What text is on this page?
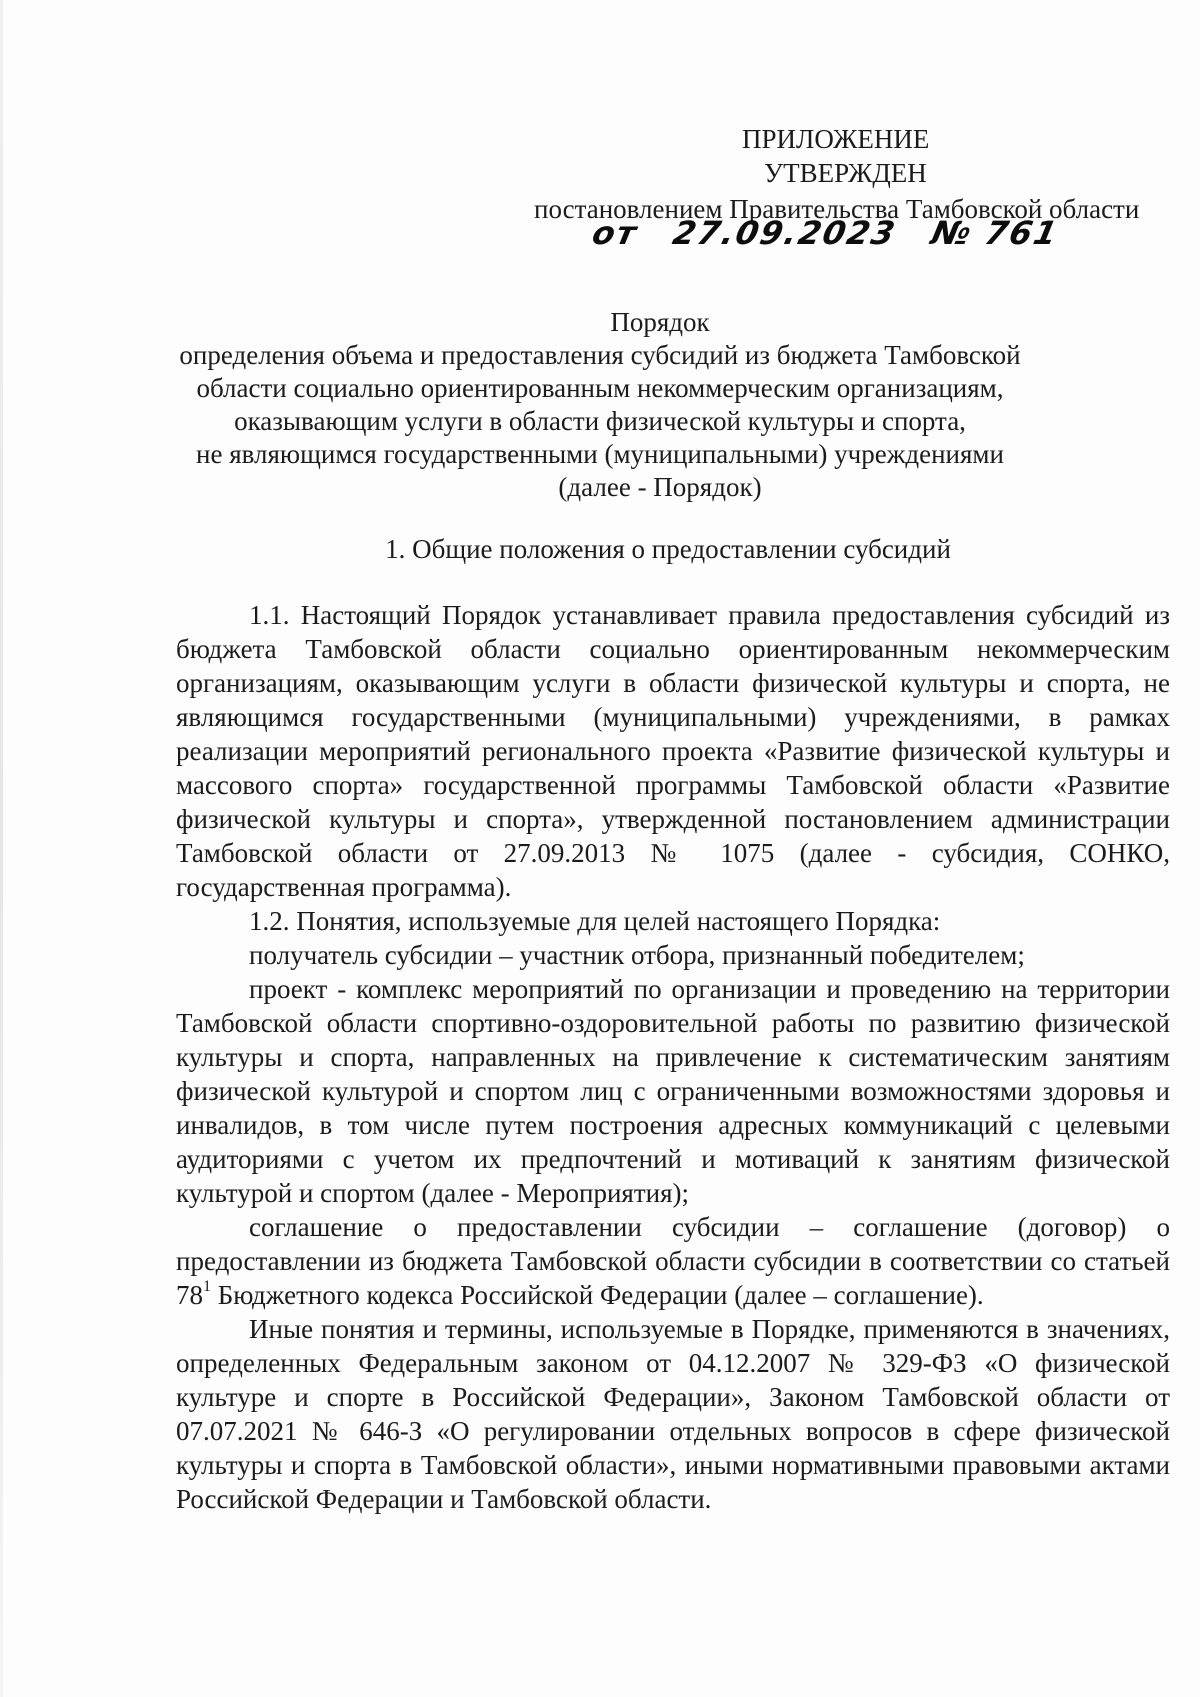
ПРИЛОЖЕНИЕ
УТВЕРЖДЕН
постановлением Правительства Тамбовской области
от 27.09.2023 № 761
Порядок
определения объема и предоставления субсидий из бюджета Тамбовской
области социально ориентированным некоммерческим организациям,
оказывающим услуги в области физической культуры и спорта,
не являющимся государственными (муниципальными) учреждениями
(далее - Порядок)
1. Общие положения о предоставлении субсидий

1.1. Настоящий Порядок устанавливает правила предоставления субсидий из бюджета Тамбовской области социально ориентированным некоммерческим организациям, оказывающим услуги в области физической культуры и спорта, не являющимся государственными (муниципальными) учреждениями, в рамках реализации мероприятий регионального проекта «Развитие физической культуры и массового спорта» государственной программы Тамбовской области «Развитие физической культуры и спорта», утвержденной постановлением администрации Тамбовской области от 27.09.2013 № 1075 (далее - субсидия, СОНКО, государственная программа).

1.2. Понятия, используемые для целей настоящего Порядка:

получатель субсидии – участник отбора, признанный победителем;

проект - комплекс мероприятий по организации и проведению на территории Тамбовской области спортивно-оздоровительной работы по развитию физической культуры и спорта, направленных на привлечение к систематическим занятиям физической культурой и спортом лиц с ограниченными возможностями здоровья и инвалидов, в том числе путем построения адресных коммуникаций с целевыми аудиториями с учетом их предпочтений и мотиваций к занятиям физической культурой и спортом (далее - Мероприятия);

соглашение о предоставлении субсидии – соглашение (договор) о предоставлении из бюджета Тамбовской области субсидии в соответствии со статьей $78^1$ Бюджетного кодекса Российской Федерации (далее – соглашение).

Иные понятия и термины, используемые в Порядке, применяются в значениях, определенных Федеральным законом от 04.12.2007 № 329-ФЗ «О физической культуре и спорте в Российской Федерации», Законом Тамбовской области от 07.07.2021 № 646-З «О регулировании отдельных вопросов в сфере физической культуры и спорта в Тамбовской области», иными нормативными правовыми актами Российской Федерации и Тамбовской области.
